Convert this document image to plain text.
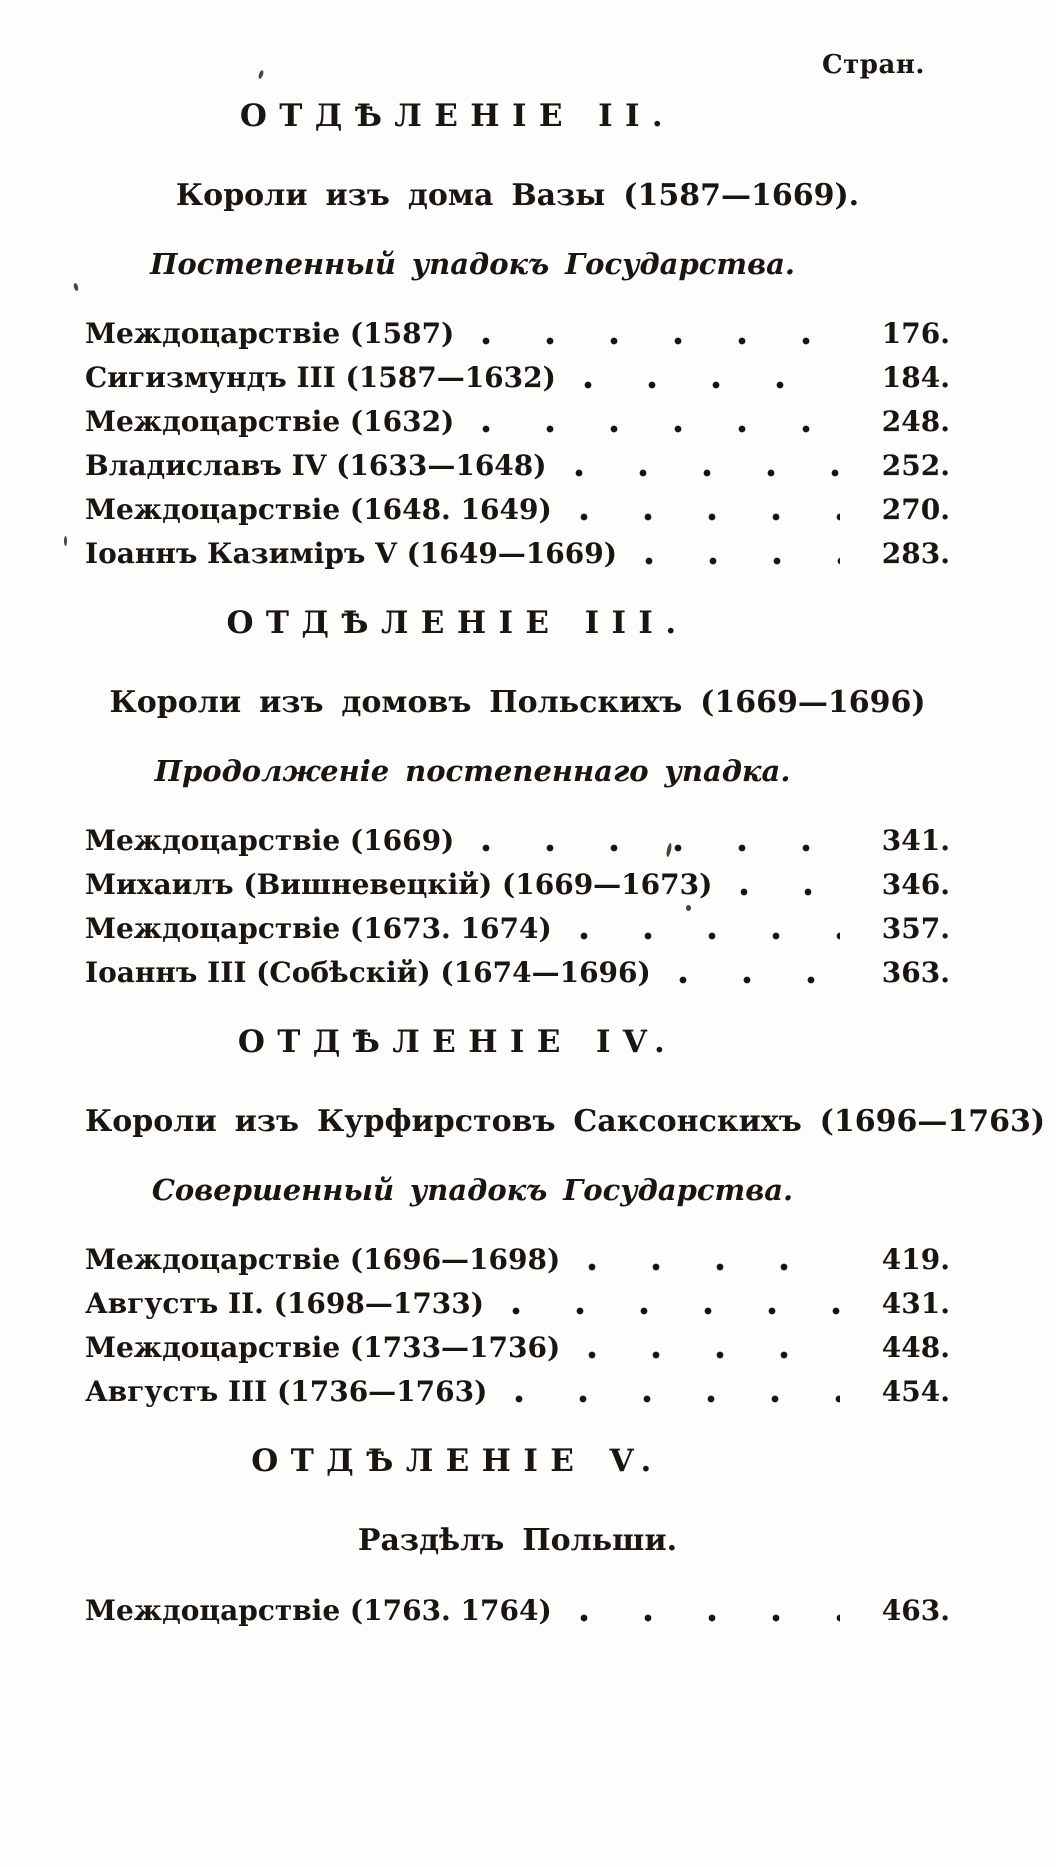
Стран.
ОТДѢЛЕНІЕ II.
Короли изъ дома Вазы (1587—1669).
Постепенный упадокъ Государства.
Междоцарствіе (1587)	176.
Сигизмундъ III (1587—1632)	184.
Междоцарствіе (1632)	248.
Владиславъ IV (1633—1648)	252.
Междоцарствіе (1648. 1649)	270.
Іоаннъ Казиміръ V (1649—1669)	283.
ОТДѢЛЕНІЕ III.
Короли изъ домовъ Польскихъ (1669—1696)
Продолженіе постепеннаго упадка.
Междоцарствіе (1669)	341.
Михаилъ (Вишневецкій) (1669—1673)	346.
Междоцарствіе (1673. 1674)	357.
Іоаннъ III (Собѣскій) (1674—1696)	363.
ОТДѢЛЕНІЕ IV.
Короли изъ Курфирстовъ Саксонскихъ (1696—1763)
Совершенный упадокъ Государства.
Междоцарствіе (1696—1698)	419.
Августъ II. (1698—1733)	431.
Междоцарствіе (1733—1736)	448.
Августъ III (1736—1763)	454.
ОТДѢЛЕНІЕ V.
Раздѣлъ Польши.
Междоцарствіе (1763. 1764)	463.
